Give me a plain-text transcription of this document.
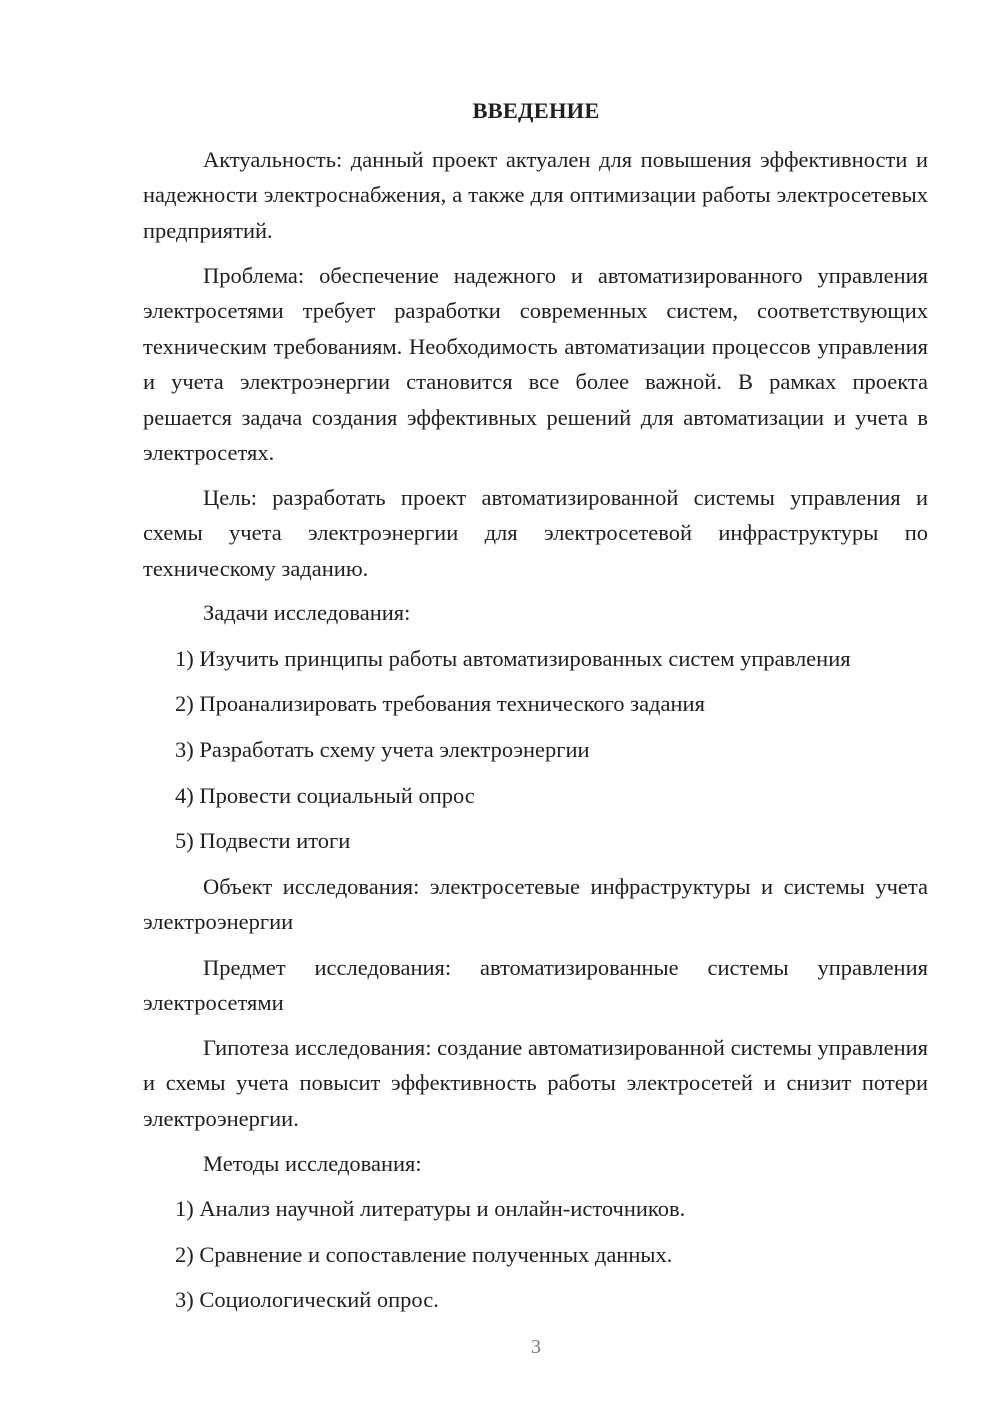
ВВЕДЕНИЕ

Актуальность: данный проект актуален для повышения эффективности и надежности электроснабжения, а также для оптимизации работы электросетевых предприятий.

Проблема: обеспечение надежного и автоматизированного управления электросетями требует разработки современных систем, соответствующих техническим требованиям. Необходимость автоматизации процессов управления и учета электроэнергии становится все более важной. В рамках проекта решается задача создания эффективных решений для автоматизации и учета в электросетях.

Цель: разработать проект автоматизированной системы управления и схемы учета электроэнергии для электросетевой инфраструктуры по техническому заданию.

Задачи исследования:

1) Изучить принципы работы автоматизированных систем управления

2) Проанализировать требования технического задания

3) Разработать схему учета электроэнергии

4) Провести социальный опрос

5) Подвести итоги

Объект исследования: электросетевые инфраструктуры и системы учета электроэнергии

Предмет исследования: автоматизированные системы управления электросетями

Гипотеза исследования: создание автоматизированной системы управления и схемы учета повысит эффективность работы электросетей и снизит потери электроэнергии.

Методы исследования:

1) Анализ научной литературы и онлайн-источников.

2) Сравнение и сопоставление полученных данных.

3) Социологический опрос.

3
